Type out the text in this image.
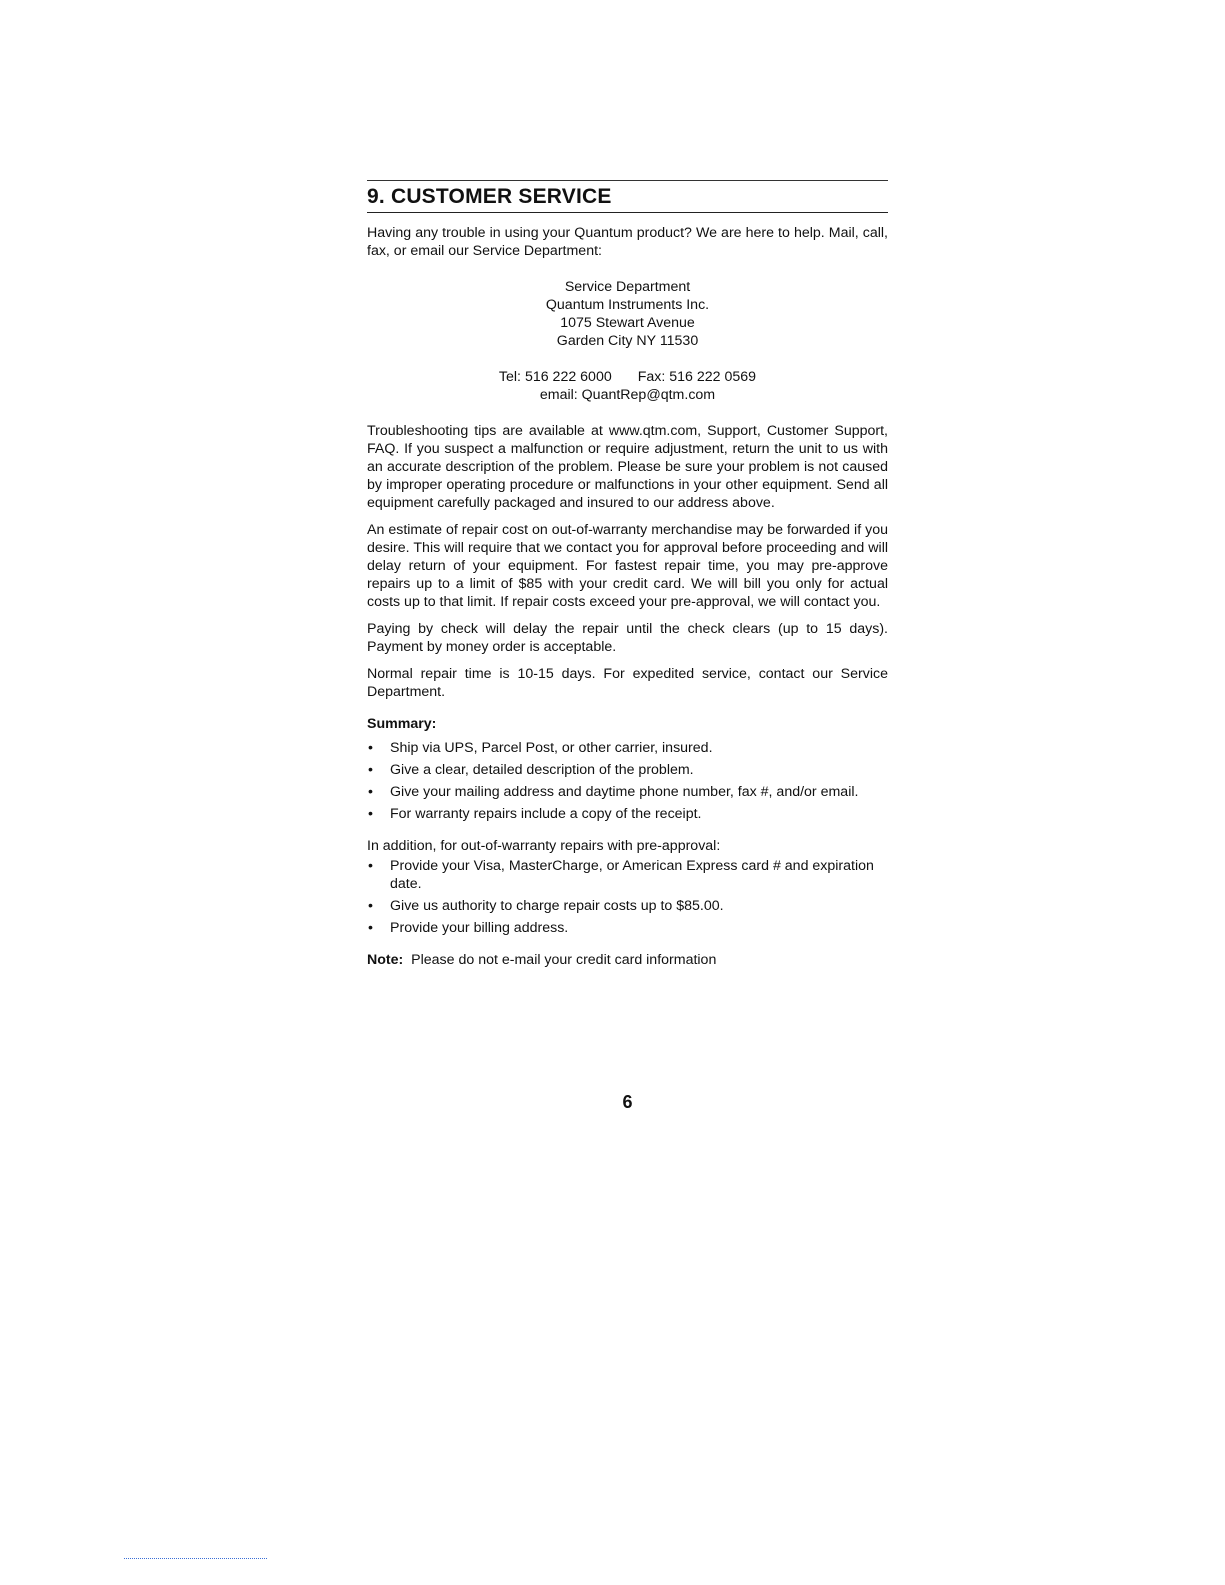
9. CUSTOMER SERVICE

Having any trouble in using your Quantum product? We are here to help. Mail, call, fax, or email our Service Department:

Service Department
Quantum Instruments Inc.
1075 Stewart Avenue
Garden City NY 11530
Tel: 516 222 6000 Fax: 516 222 0569
email: QuantRep@qtm.com

Troubleshooting tips are available at www.qtm.com, Support, Customer Support, FAQ. If you suspect a malfunction or require adjustment, return the unit to us with an accurate description of the problem. Please be sure your problem is not caused by improper operating procedure or malfunctions in your other equipment. Send all equipment carefully packaged and insured to our address above.

An estimate of repair cost on out-of-warranty merchandise may be forwarded if you desire. This will require that we contact you for approval before proceeding and will delay return of your equipment. For fastest repair time, you may pre-approve repairs up to a limit of $85 with your credit card. We will bill you only for actual costs up to that limit. If repair costs exceed your pre-approval, we will contact you.

Paying by check will delay the repair until the check clears (up to 15 days). Payment by money order is acceptable.

Normal repair time is 10-15 days. For expedited service, contact our Service Department.

Summary:
• Ship via UPS, Parcel Post, or other carrier, insured.
• Give a clear, detailed description of the problem.
• Give your mailing address and daytime phone number, fax #, and/or email.
• For warranty repairs include a copy of the receipt.

In addition, for out-of-warranty repairs with pre-approval:

• Provide your Visa, MasterCharge, or American Express card # and expiration date.
• Give us authority to charge repair costs up to $85.00.
• Provide your billing address.

Note: Please do not e-mail your credit card information

6
